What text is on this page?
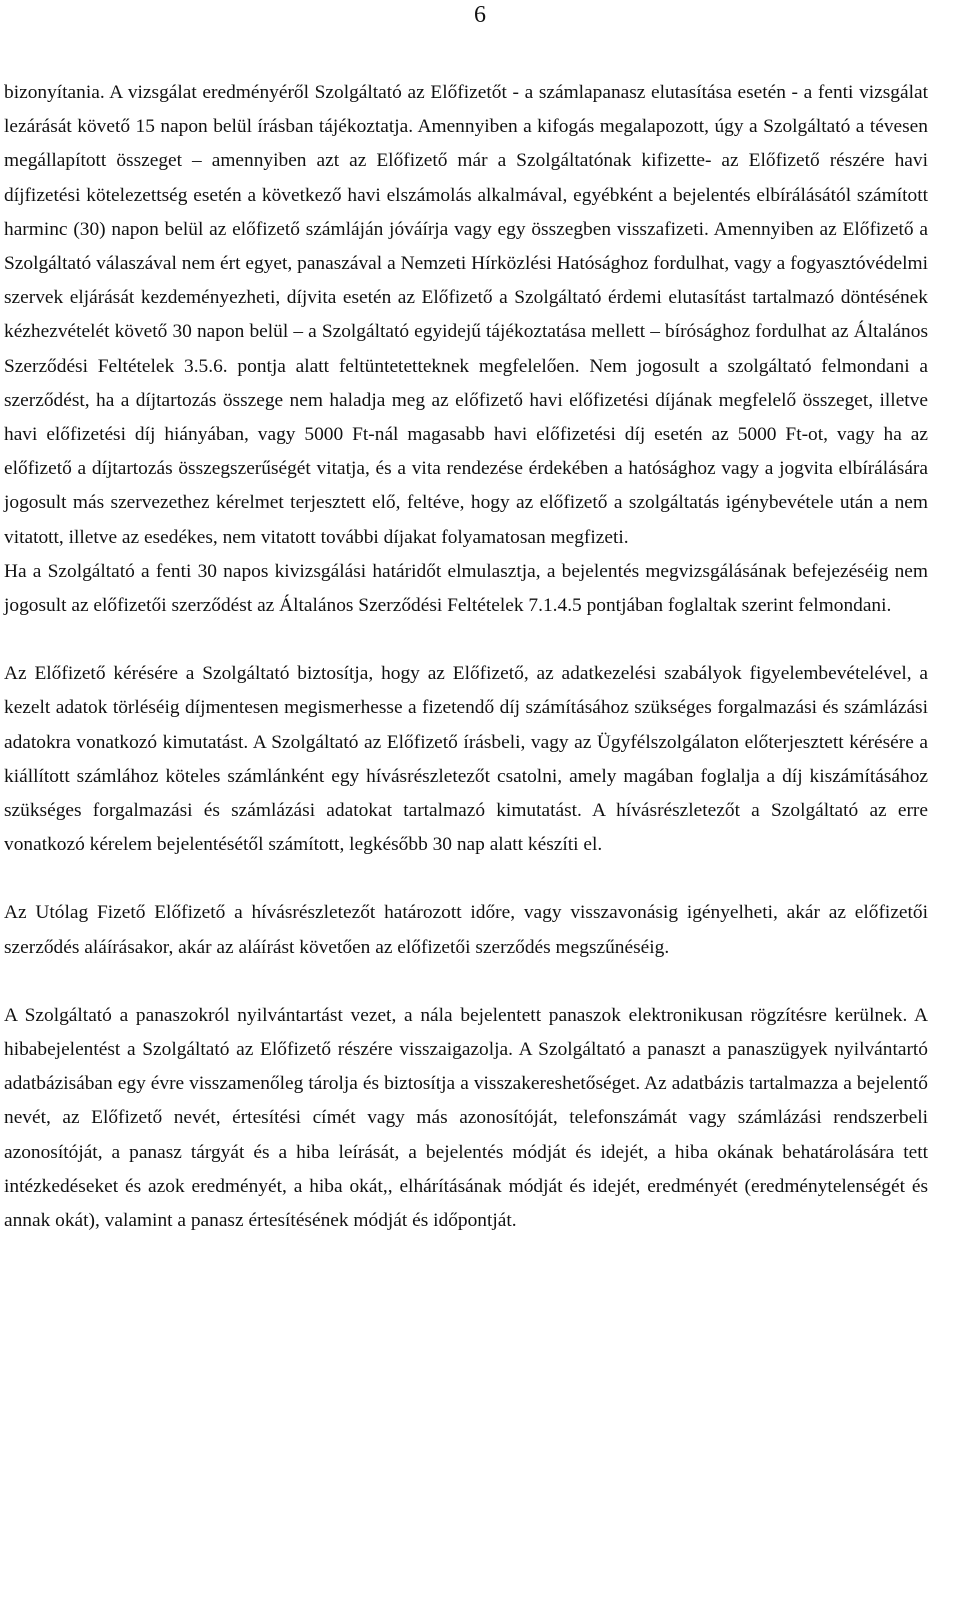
6

bizonyítania. A vizsgálat eredményéről Szolgáltató az Előfizetőt - a számlapanasz elutasítása esetén - a fenti vizsgálat lezárását követő 15 napon belül írásban tájékoztatja. Amennyiben a kifogás megalapozott, úgy a Szolgáltató a tévesen megállapított összeget – amennyiben azt az Előfizető már a Szolgáltatónak kifizette- az Előfizető részére havi díjfizetési kötelezettség esetén a következő havi elszámolás alkalmával, egyébként a bejelentés elbírálásától számított harminc (30) napon belül az előfizető számláján jóváírja vagy egy összegben visszafizeti. Amennyiben az Előfizető a Szolgáltató válaszával nem ért egyet, panaszával a Nemzeti Hírközlési Hatósághoz fordulhat, vagy a fogyasztóvédelmi szervek eljárását kezdeményezheti, díjvita esetén az Előfizető a Szolgáltató érdemi elutasítást tartalmazó döntésének kézhezvételét követő 30 napon belül – a Szolgáltató egyidejű tájékoztatása mellett – bírósághoz fordulhat az Általános Szerződési Feltételek 3.5.6. pontja alatt feltüntetetteknek megfelelően. Nem jogosult a szolgáltató felmondani a szerződést, ha a díjtartozás összege nem haladja meg az előfizető havi előfizetési díjának megfelelő összeget, illetve havi előfizetési díj hiányában, vagy 5000 Ft-nál magasabb havi előfizetési díj esetén az 5000 Ft-ot, vagy ha az előfizető a díjtartozás összegszerűségét vitatja, és a vita rendezése érdekében a hatósághoz vagy a jogvita elbírálására jogosult más szervezethez kérelmet terjesztett elő, feltéve, hogy az előfizető a szolgáltatás igénybevétele után a nem vitatott, illetve az esedékes, nem vitatott további díjakat folyamatosan megfizeti.

Ha a Szolgáltató a fenti 30 napos kivizsgálási határidőt elmulasztja, a bejelentés megvizsgálásának befejezéséig nem jogosult az előfizetői szerződést az Általános Szerződési Feltételek 7.1.4.5 pontjában foglaltak szerint felmondani.

Az Előfizető kérésére a Szolgáltató biztosítja, hogy az Előfizető, az adatkezelési szabályok figyelembevételével, a kezelt adatok törléséig díjmentesen megismerhesse a fizetendő díj számításához szükséges forgalmazási és számlázási adatokra vonatkozó kimutatást. A Szolgáltató az Előfizető írásbeli, vagy az Ügyfélszolgálaton előterjesztett kérésére a kiállított számlához köteles számlánként egy hívásrészletezőt csatolni, amely magában foglalja a díj kiszámításához szükséges forgalmazási és számlázási adatokat tartalmazó kimutatást. A hívásrészletezőt a Szolgáltató az erre vonatkozó kérelem bejelentésétől számított, legkésőbb 30 nap alatt készíti el.

Az Utólag Fizető Előfizető a hívásrészletezőt határozott időre, vagy visszavonásig igényelheti, akár az előfizetői szerződés aláírásakor, akár az aláírást követően az előfizetői szerződés megszűnéséig.

A Szolgáltató a panaszokról nyilvántartást vezet, a nála bejelentett panaszok elektronikusan rögzítésre kerülnek. A hibabejelentést a Szolgáltató az Előfizető részére visszaigazolja. A Szolgáltató a panaszt a panaszügyek nyilvántartó adatbázisában egy évre visszamenőleg tárolja és biztosítja a visszakereshetőséget. Az adatbázis tartalmazza a bejelentő nevét, az Előfizető nevét, értesítési címét vagy más azonosítóját, telefonszámát vagy számlázási rendszerbeli azonosítóját, a panasz tárgyát és a hiba leírását, a bejelentés módját és idejét, a hiba okának behatárolására tett intézkedéseket és azok eredményét, a hiba okát,, elhárításának módját és idejét, eredményét (eredménytelenségét és annak okát), valamint a panasz értesítésének módját és időpontját.
